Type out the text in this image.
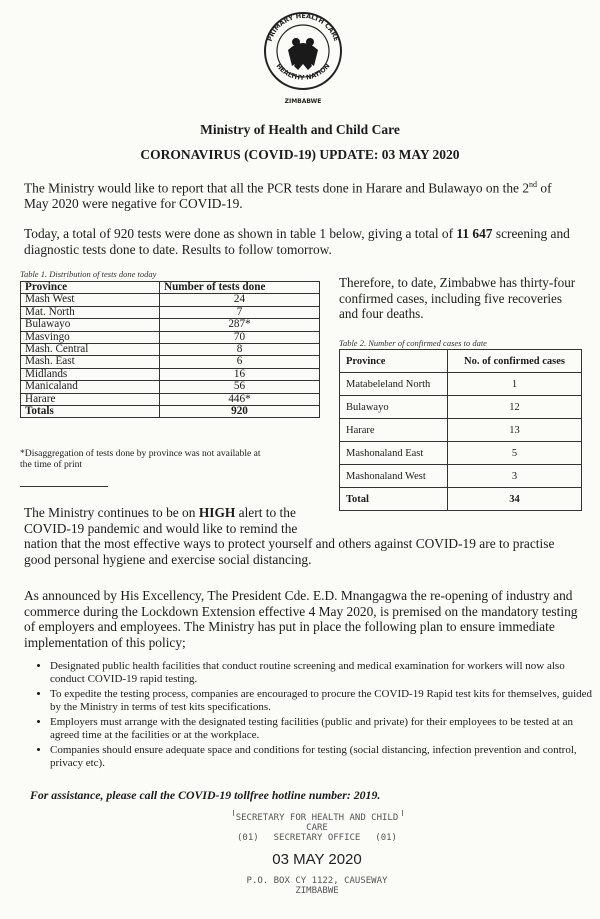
PRIMARY HEALTH CARE
HEALTHY NATION
ZIMBABWE
Ministry of Health and Child Care
CORONAVIRUS (COVID-19) UPDATE: 03 MAY 2020
The Ministry would like to report that all the PCR tests done in Harare and Bulawayo on the 2nd of May 2020 were negative for COVID-19.
Today, a total of 920 tests were done as shown in table 1 below, giving a total of 11 647 screening and diagnostic tests done to date. Results to follow tomorrow.
Table 1. Distribution of tests done today
Province	Number of tests done
Mash West	24
Mat. North	7
Bulawayo	287*
Masvingo	70
Mash. Central	8
Mash. East	6
Midlands	16
Manicaland	56
Harare	446*
Totals	920
*Disaggregation of tests done by province was not available at the time of print
Therefore, to date, Zimbabwe has thirty-four confirmed cases, including five recoveries and four deaths.
Table 2. Number of confirmed cases to date
Province	No. of confirmed cases
Matabeleland North	1
Bulawayo	12
Harare	13
Mashonaland East	5
Mashonaland West	3
Total	34
The Ministry continues to be on HIGH alert to the COVID-19 pandemic and would like to remind the nation that the most effective ways to protect yourself and others against COVID-19 are to practise good personal hygiene and exercise social distancing.
As announced by His Excellency, The President Cde. E.D. Mnangagwa the re-opening of industry and commerce during the Lockdown Extension effective 4 May 2020, is premised on the mandatory testing of employers and employees. The Ministry has put in place the following plan to ensure immediate implementation of this policy;
• Designated public health facilities that conduct routine screening and medical examination for workers will now also conduct COVID-19 rapid testing.
• To expedite the testing process, companies are encouraged to procure the COVID-19 Rapid test kits for themselves, guided by the Ministry in terms of test kits specifications.
• Employers must arrange with the designated testing facilities (public and private) for their employees to be tested at an agreed time at the facilities or at the workplace.
• Companies should ensure adequate space and conditions for testing (social distancing, infection prevention and control, privacy etc).
For assistance, please call the COVID-19 tollfree hotline number: 2019.
SECRETARY FOR HEALTH AND CHILD
CARE
(01) SECRETARY OFFICE (01)
03 MAY 2020
P.O. BOX CY 1122, CAUSEWAY
ZIMBABWE
